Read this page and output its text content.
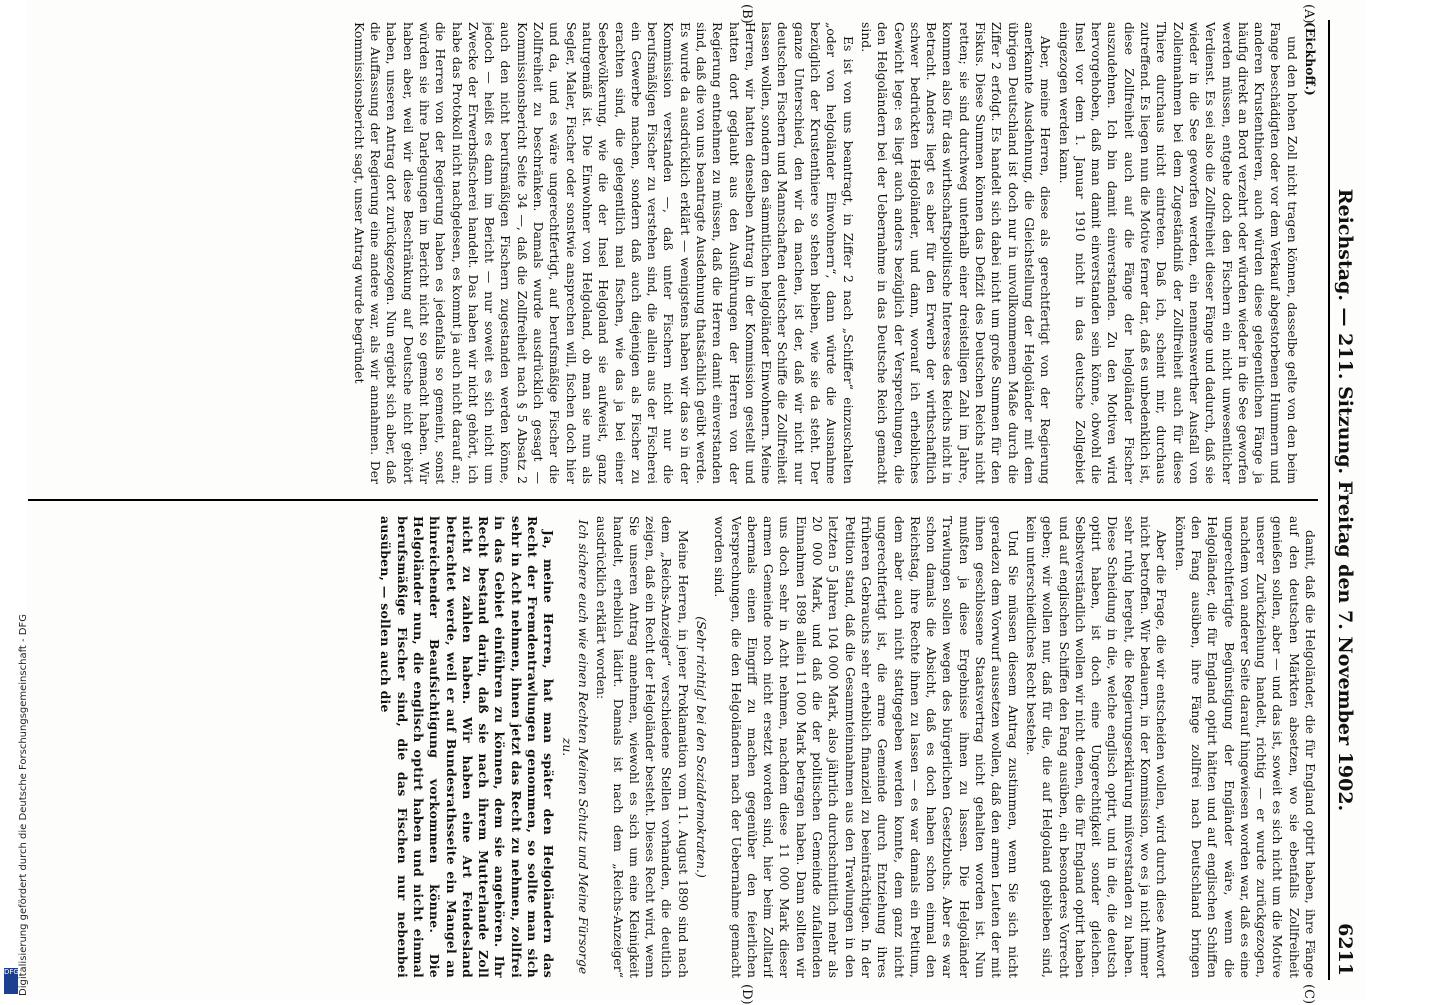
Reichstag. — 211. Sitzung. Freitag den 7. November 1902.
6211
(A)
(B)
(C)
(D)

(Eickhoff.)

und den hohen Zoll nicht tragen können, dasselbe gelte von den beim Fange beschädigten oder vor dem Verkauf abgestorbenen Hummern und anderen Krustenthieren, auch würden diese gelegentlichen Fänge ja häufig direkt an Bord verzehrt oder würden wieder in die See geworfen werden müssen, entgehe doch den Fischern ein nicht unwesentlicher Verdienst. Es sei also die Zollfreiheit dieser Fänge und dadurch, daß sie wieder in die See geworfen werden, ein nennenswerther Ausfall von Zolleinnahmen bei dem Zugeständniß der Zollfreiheit auch für diese Thiere durchaus nicht eintreten. Daß ich, scheint mir, durchaus zutreffend. Es liegen nun die Motive ferner dar, daß es unbedenklich ist, diese Zollfreiheit auch auf die Fänge der helgoländer Fischer auszudehnen. Ich bin damit einverstanden. Zu den Motiven wird hervorgehoben, daß man damit einverstanden sein könne, obwohl die Insel vor dem 1. Januar 1910 nicht in das deutsche Zollgebiet eingezogen werden kann.

Aber, meine Herren, diese als gerechtfertigt von der Regierung anerkannte Ausdehnung, die Gleichstellung der Helgoländer mit dem übrigen Deutschland ist doch nur in unvollkommenem Maße durch die Ziffer 2 erfolgt. Es handelt sich dabei nicht um große Summen für den Fiskus. Diese Summen können das Defizit des Deutschen Reichs nicht retten; sie sind durchweg unterhalb einer dreistelligen Zahl im Jahre, kommen also für das wirthschaftspolitische Interesse des Reichs nicht in Betracht. Anders liegt es aber für den Erwerb der wirthschaftlich schwer bedrückten Helgoländer, und dann, worauf ich erhebliches Gewicht lege: es liegt auch anders bezüglich der Versprechungen, die den Helgoländern bei der Uebernahme in das Deutsche Reich gemacht sind.

Es ist von uns beantragt, in Ziffer 2 nach „Schiffer“ einzuschalten „oder von helgoländer Einwohnern“, dann würde die Ausnahme bezüglich der Krustenthiere so stehen bleiben, wie sie da steht. Der ganze Unterschied, den wir da machen, ist der, daß wir nicht nur deutschen Fischern und Mannschaften deutscher Schiffe die Zollfreiheit lassen wollen, sondern den sämmtlichen helgoländer Einwohnern. Meine Herren, wir hatten denselben Antrag in der Kommission gestellt und hatten dort geglaubt aus den Ausführungen der Herren von der Regierung entnehmen zu müssen, daß die Herren damit einverstanden sind, daß die von uns beantragte Ausdehnung thatsächlich geübt werde. Es wurde da ausdrücklich erklärt — wenigstens haben wir das so in der Kommission verstanden —, daß unter Fischern nicht nur die berufsmäßigen Fischer zu verstehen sind, die allein aus der Fischerei ein Gewerbe machen, sondern daß auch diejenigen als Fischer zu erachten sind, die gelegentlich mal fischen, wie das ja bei einer Seebevölkerung, wie die der Insel Helgoland sie aufweist, ganz naturgemäß ist. Die Einwohner von Helgoland, ob man sie nun als Segler, Maler, Fischer oder sonstwie ansprechen will, fischen doch hier und da, und es wäre ungerechtfertigt, auf berufsmäßige Fischer die Zollfreiheit zu beschränken. Damals wurde ausdrücklich gesagt — Kommissionsbericht Seite 34 —, daß die Zollfreiheit nach § 5 Absatz 2 auch den nicht berufsmäßigen Fischern zugestanden werden könne, jedoch — heißt es dann im Bericht — nur soweit es sich nicht um Zwecke der Erwerbsfischerei handelt. Das haben wir nicht gehört, ich habe das Protokoll nicht nachgelesen, es kommt ja auch nicht darauf an; die Herren von der Regierung haben es jedenfalls so gemeint, sonst würden sie ihre Darlegungen im Bericht nicht so gemacht haben. Wir haben aber, weil wir diese Beschränkung auf Deutsche nicht gehört haben, unseren Antrag dort zurückgezogen. Nun ergiebt sich aber, daß die Auffassung der Regierung eine andere war, als wir annahmen. Der Kommissionsbericht sagt, unser Antrag wurde begründet

damit, daß die Helgoländer, die für England optirt haben, ihre Fänge auf den deutschen Märkten absetzen, wo sie ebenfalls Zollfreiheit genießen sollen, aber — und das ist, soweit es sich nicht um die Motive unserer Zurückziehung handelt, richtig — er wurde zurückgezogen, nachdem von anderer Seite darauf hingewiesen worden war, daß es eine ungerechtfertigte Begünstigung der Engländer wäre, wenn die Helgoländer, die für England optirt hätten und auf englischen Schiffen den Fang ausüben, ihre Fänge zollfrei nach Deutschland bringen könnten.

Aber die Frage, die wir entscheiden wollen, wird durch diese Antwort nicht betroffen. Wir bedauern, in der Kommission, wo es ja nicht immer sehr ruhig hergeht, die Regierungserklärung mißverstanden zu haben. Diese Scheidung in die, welche englisch optirt, und in die, die deutsch optirt haben, ist doch eine Ungerechtigkeit sonder gleichen. Selbstverständlich wollen wir nicht denen, die für England optirt haben und auf englischen Schiffen den Fang ausüben, ein besonderes Vorrecht geben; wir wollen nur, daß für die, die auf Helgoland geblieben sind, kein unterschiedliches Recht bestehe.

Und Sie müssen diesem Antrag zustimmen, wenn Sie sich nicht geradezu dem Vorwurf aussetzen wollen, daß den armen Leuten der mit ihnen geschlossene Staatsvertrag nicht gehalten worden ist. Nun mußten ja diese Ergebnisse ihnen zu lassen. Die Helgoländer Trawlungen sollen wegen des bürgerlichen Gesetzbuchs. Aber es war schon damals die Absicht, daß es doch haben schon einmal den Reichstag, ihre Rechte ihnen zu lassen — es war damals ein Petitum, dem aber auch nicht stattgegeben werden konnte, dem ganz nicht ungerechtfertigt ist, die arme Gemeinde durch Entziehung ihres früheren Gebrauchs sehr erheblich finanziell zu beeinträchtigen. In der Petition stand, daß die Gesammteinnahmen aus den Trawlungen in den letzten 5 Jahren 104 000 Mark, also jährlich durchschnittlich mehr als 20 000 Mark, und daß die der politischen Gemeinde zufallenden Einnahmen 1898 allein 11 000 Mark betragen haben. Dann sollten wir uns doch sehr in Acht nehmen, nachdem diese 11 000 Mark dieser armen Gemeinde noch nicht ersetzt worden sind, hier beim Zolltarif abermals einen Eingriff zu machen gegenüber den feierlichen Versprechungen, die den Helgoländern nach der Uebernahme gemacht worden sind.

(Sehr richtig! bei den Sozialdemokraten.)

Meine Herren, in jener Proklamation vom 11. August 1890 sind nach dem „Reichs-Anzeiger“ verschiedene Stellen vorhanden, die deutlich zeigen, daß ein Recht der Helgoländer besteht. Dieses Recht wird, wenn Sie unseren Antrag annehmen, wiewohl es sich um eine Kleinigkeit handelt, erheblich lädirt. Damals ist nach dem „Reichs-Anzeiger“ ausdrücklich erklärt worden:

Ich sichere euch wie einen Rechten Meinen Schutz und Meine Fürsorge zu.

Ja, meine Herren, hat man später den Helgoländern das Recht der Fremdentrawlungen genommen, so sollte man sich sehr in Acht nehmen, ihnen jetzt das Recht zu nehmen, zollfrei in das Gebiet einführen zu können, dem sie angehören. Ihr Recht bestand darin, daß sie nach ihrem Mutterlande Zoll nicht zu zahlen haben. Wir haben eine Art Feindesland betrachtet werde, weil er auf Bundesrathsseite ein Mangel an hinreichender Beaufsichtigung vorkommen könne. Die Helgoländer nun, die englisch optirt haben und nicht einmal berufsmäßige Fischer sind, die das Fischen nur nebenbei ausüben, — sollen auch die

Digitalisierung gefördert durch die Deutsche Forschungsgemeinschaft - DFG
DFG
